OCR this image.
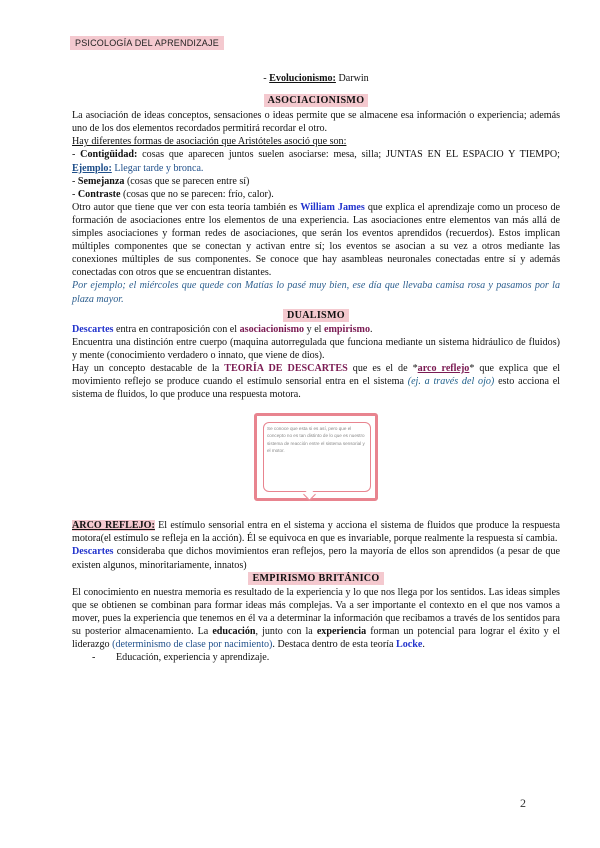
PSICOLOGÍA DEL APRENDIZAJE

- Evolucionismo: Darwin

ASOCIACIONISMO

La asociación de ideas conceptos, sensaciones o ideas permite que se almacene esa información o experiencia; además uno de los dos elementos recordados permitirá recordar el otro.

Hay diferentes formas de asociación que Aristóteles asoció que son:

- Contigüidad: cosas que aparecen juntos suelen asociarse: mesa, silla; JUNTAS EN EL ESPACIO Y TIEMPO; Ejemplo: Llegar tarde y bronca.

- Semejanza (cosas que se parecen entre sí)

- Contraste (cosas que no se parecen: frío, calor).

Otro autor que tiene que ver con esta teoría también es William James que explica el aprendizaje como un proceso de formación de asociaciones entre los elementos de una experiencia. Las asociaciones entre elementos van más allá de simples asociaciones y forman redes de asociaciones, que serán los eventos aprendidos (recuerdos). Estos implican múltiples componentes que se conectan y activan entre sí; los eventos se asocian a su vez a otros mediante las conexiones múltiples de sus componentes. Se conoce que hay asambleas neuronales conectadas entre sí y además conectadas con otros que se encuentran distantes.

Por ejemplo; el miércoles que quede con Matías lo pasé muy bien, ese día que llevaba camisa rosa y pasamos por la plaza mayor.

DUALISMO

Descartes entra en contraposición con el asociacionismo y el empirismo.

Encuentra una distinción entre cuerpo (maquina autorregulada que funciona mediante un sistema hidráulico de fluidos) y mente (conocimiento verdadero o innato, que viene de dios).

Hay un concepto destacable de la TEORÍA DE DESCARTES que es el de *arco reflejo* que explica que el movimiento reflejo se produce cuando el estímulo sensorial entra en el sistema (ej. a través del ojo) esto acciona el sistema de fluidos, lo que produce una respuesta motora.

Se conoce que esta si es así, pero que el concepto no es tan distinto de lo que es nuestro sistema de reacción entre el sistema sensorial y el motor.

ARCO REFLEJO: El estímulo sensorial entra en el sistema y acciona el sistema de fluidos que produce la respuesta motora(el estímulo se refleja en la acción). Él se equivoca en que es invariable, porque realmente la respuesta sí cambia.

Descartes consideraba que dichos movimientos eran reflejos, pero la mayoría de ellos son aprendidos (a pesar de que existen algunos, minoritariamente, innatos)

EMPIRISMO BRITÁNICO

El conocimiento en nuestra memoria es resultado de la experiencia y lo que nos llega por los sentidos. Las ideas simples que se obtienen se combinan para formar ideas más complejas. Va a ser importante el contexto en el que nos vamos a mover, pues la experiencia que tenemos en él va a determinar la información que recibamos a través de los sentidos para su posterior almacenamiento. La educación, junto con la experiencia forman un potencial para lograr el éxito y el liderazgo (determinismo de clase por nacimiento). Destaca dentro de esta teoría Locke.

-	Educación, experiencia y aprendizaje.
2
